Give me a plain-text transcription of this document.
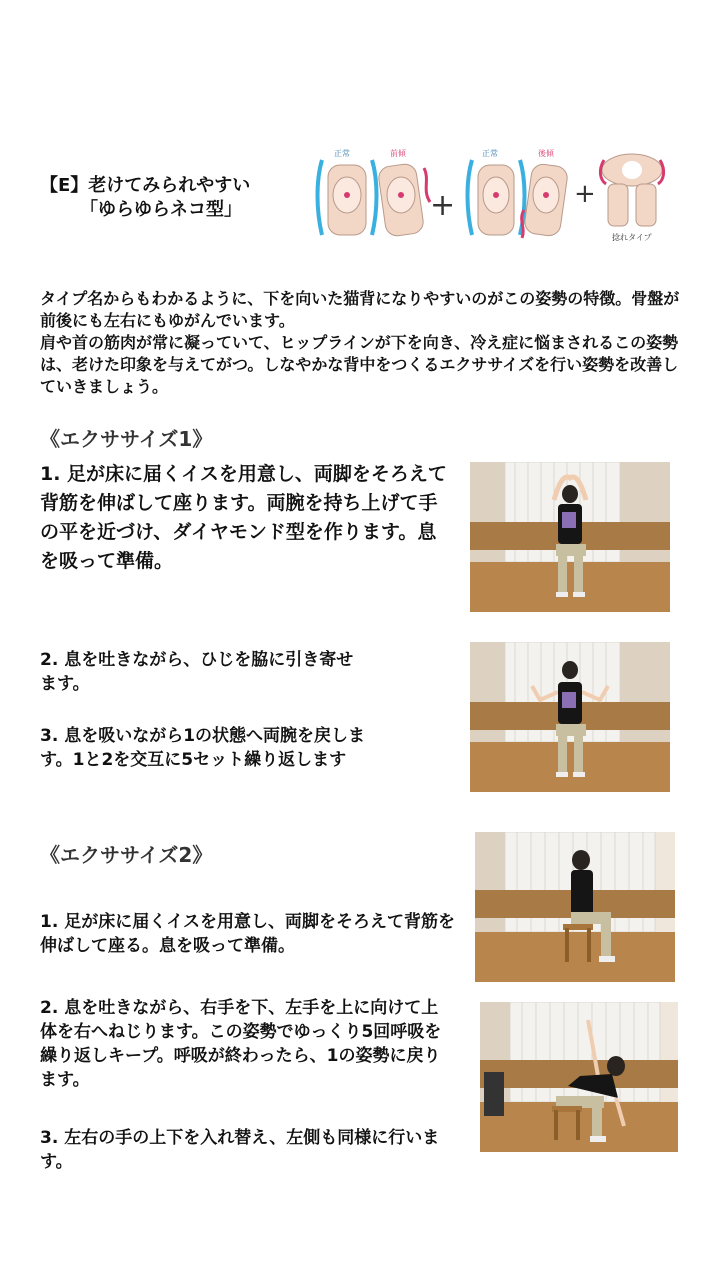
【E】老けてみられやすい
「ゆらゆらネコ型」
正常	前傾
+
正常	後傾
+
捻れタイプ
タイプ名からもわかるように、下を向いた猫背になりやすいのがこの姿勢の特徴。骨盤が前後にも左右にもゆがんでいます。
肩や首の筋肉が常に凝っていて、ヒップラインが下を向き、冷え症に悩まされるこの姿勢は、老けた印象を与えてがつ。しなやかな背中をつくるエクササイズを行い姿勢を改善していきましょう。
《エクササイズ1》
1. 足が床に届くイスを用意し、両脚をそろえて背筋を伸ばして座ります。両腕を持ち上げて手の平を近づけ、ダイヤモンド型を作ります。息を吸って準備。
2. 息を吐きながら、ひじを脇に引き寄せます。
3. 息を吸いながら1の状態へ両腕を戻します。1と2を交互に5セット繰り返します
《エクササイズ2》
1. 足が床に届くイスを用意し、両脚をそろえて背筋を伸ばして座る。息を吸って準備。
2. 息を吐きながら、右手を下、左手を上に向けて上体を右へねじります。この姿勢でゆっくり5回呼吸を繰り返しキープ。呼吸が終わったら、1の姿勢に戻ります。
3. 左右の手の上下を入れ替え、左側も同様に行います。
